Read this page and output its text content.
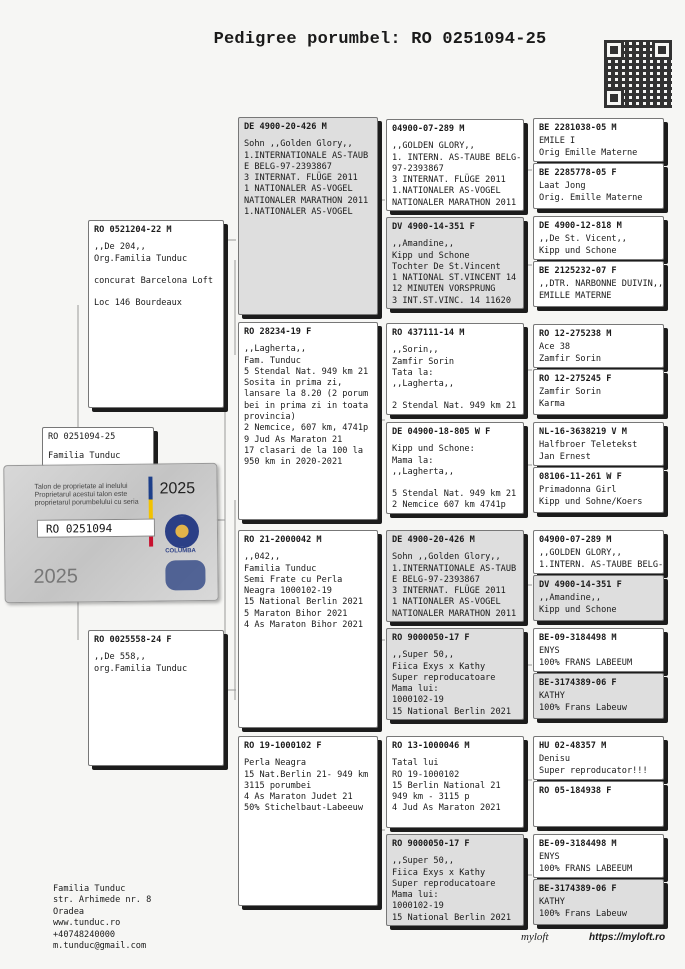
Pedigree porumbel: RO 0251094-25
RO 0251094-25
Familia Tunduc
Talon de proprietate al inelului
Proprietarul acestui talon este
proprietarul porumbelului cu seria
2025
RO 0251094
COLUMBA
2025
RO 0521204-22 M
,,De 204,,
Org.Familia Tunduc
concurat Barcelona Loft
Loc 146 Bourdeaux
RO 0025558-24 F
,,De 558,,
org.Familia Tunduc
DE 4900-20-426 M
Sohn ,,Golden Glory,,
1.INTERNATIONALE AS-TAUB
E BELG-97-2393867
3 INTERNAT. FLÜGE 2011
1 NATIONALER AS-VOGEL
NATIONALER MARATHON 2011
1.NATIONALER AS-VOGEL
RO 28234-19 F
,,Lagherta,,
Fam. Tunduc
5 Stendal Nat. 949 km 21
Sosita in prima zi,
lansare la 8.20 (2 porum
bei in prima zi in toata
provincia)
2 Nemcice, 607 km, 4741p
9 Jud As Maraton 21
17 clasari de la 100 la
950 km in 2020-2021
RO 21-2000042 M
,,042,,
Familia Tunduc
Semi Frate cu Perla
Neagra 1000102-19
15 National Berlin 2021
5 Maraton Bihor 2021
4 As Maraton Bihor 2021
RO 19-1000102 F
Perla Neagra
15 Nat.Berlin 21- 949 km
3115 porumbei
4 As Maraton Judet 21
50% Stichelbaut-Labeeuw
04900-07-289 M
,,GOLDEN GLORY,,
1. INTERN. AS-TAUBE BELG-
97-2393867
3 INTERNAT. FLÜGE 2011
1.NATIONALER AS-VOGEL
NATIONALER MARATHON 2011
DV 4900-14-351 F
,,Amandine,,
Kipp und Schone
Tochter De St.Vincent
1 NATIONAL ST.VINCENT 14
12 MINUTEN VORSPRUNG
3 INT.ST.VINC. 14 11620
RO 437111-14 M
,,Sorin,,
Zamfir Sorin
Tata la:
,,Lagherta,,
2 Stendal Nat. 949 km 21
DE 04900-18-805 W F
Kipp und Schone:
Mama la:
,,Lagherta,,
5 Stendal Nat. 949 km 21
2 Nemcice 607 km 4741p
DE 4900-20-426 M
Sohn ,,Golden Glory,,
1.INTERNATIONALE AS-TAUB
E BELG-97-2393867
3 INTERNAT. FLÜGE 2011
1 NATIONALER AS-VOGEL
NATIONALER MARATHON 2011
RO 9000050-17 F
,,Super 50,,
Fiica Exys x Kathy
Super reproducatoare
Mama lui:
1000102-19
15 National Berlin 2021
RO 13-1000046 M
Tatal lui
RO 19-1000102
15 Berlin National 21
949 km - 3115 p
4 Jud As Maraton 2021
RO 9000050-17 F
,,Super 50,,
Fiica Exys x Kathy
Super reproducatoare
Mama lui:
1000102-19
15 National Berlin 2021
BE 2281038-05 M
EMILE I
Orig Emille Materne
BE 2285778-05 F
Laat Jong
Orig. Emille Materne
DE 4900-12-818 M
,,De St. Vicent,,
Kipp und Schone
BE 2125232-07 F
,,DTR. NARBONNE DUIVIN,,
EMILLE MATERNE
RO 12-275238 M
Ace 38
Zamfir Sorin
RO 12-275245 F
Zamfir Sorin
Karma
NL-16-3638219 V M
Halfbroer Teletekst
Jan Ernest
08106-11-261 W F
Primadonna Girl
Kipp und Sohne/Koers
04900-07-289 M
,,GOLDEN GLORY,,
1.INTERN. AS-TAUBE BELG-
DV 4900-14-351 F
,,Amandine,,
Kipp und Schone
BE-09-3184498 M
ENYS
100% FRANS LABEEUM
BE-3174389-06 F
KATHY
100% Frans Labeuw
HU 02-48357 M
Denisu
Super reproducator!!!
RO 05-184938 F
BE-09-3184498 M
ENYS
100% FRANS LABEEUM
BE-3174389-06 F
KATHY
100% Frans Labeuw
Familia Tunduc
str. Arhimede nr. 8
Oradea
www.tunduc.ro
+40748240000
m.tunduc@gmail.com
myloft	https://myloft.ro
